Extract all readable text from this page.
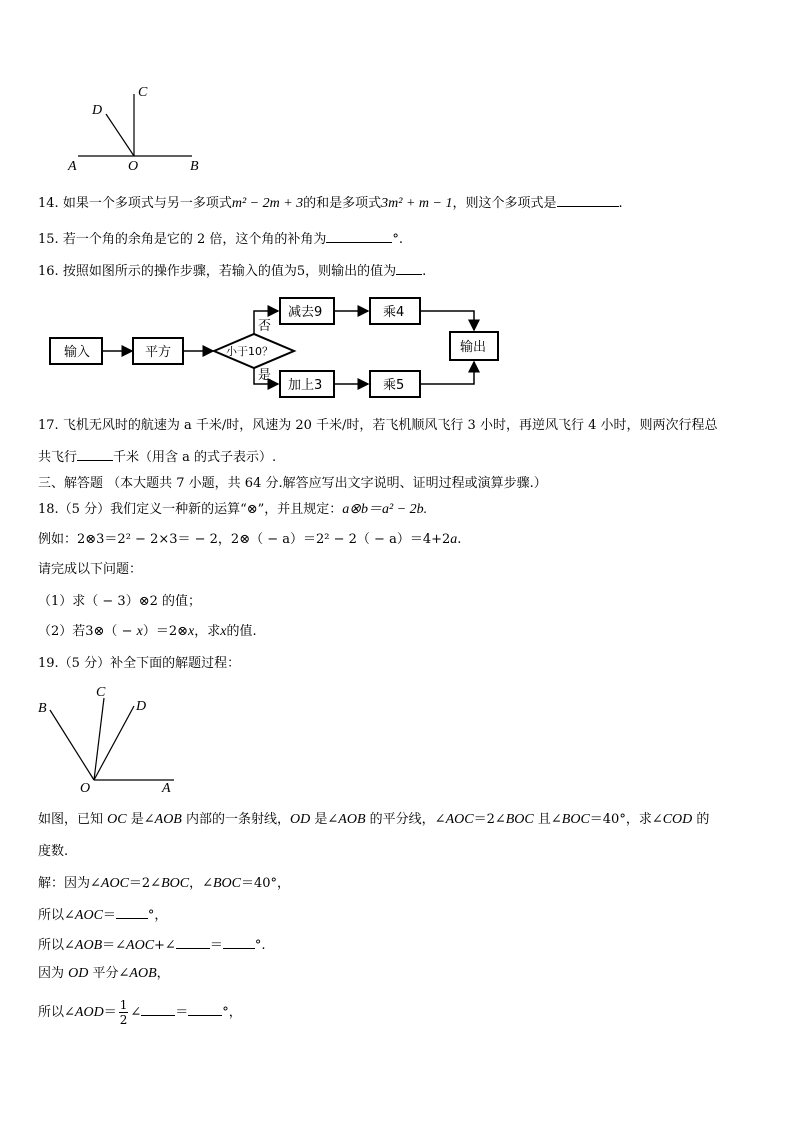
C
D
A	O	B
14. 如果一个多项式与另一多项式m² − 2m + 3的和是多项式3m² + m − 1，则这个多项式是	.
15. 若一个角的余角是它的 2 倍，这个角的补角为	°.
16. 按照如图所示的操作步骤，若输入的值为5，则输出的值为 .
输入	平方	小于10？
否
是
减去9	乘4
加上3	乘5
输出
17. 飞机无风时的航速为 a 千米/时，风速为 20 千米/时，若飞机顺风飞行 3 小时，再逆风飞行 4 小时，则两次行程总
共飞行	千米（用含 a 的式子表示）.
三、解答题 （本大题共 7 小题，共 64 分.解答应写出文字说明、证明过程或演算步骤.）
18.（5 分）我们定义一种新的运算“⊗”，并且规定：a⊗b＝a² − 2b.
例如：2⊗3＝2² − 2×3＝ − 2，2⊗（ − a）＝2² − 2（ − a）＝4+2a.
请完成以下问题：
（1）求（ − 3）⊗2 的值；
（2）若3⊗（ − x）＝2⊗x，求x的值.
19.（5 分）补全下面的解题过程：
B
C
D
O	A
如图，已知 OC 是∠AOB 内部的一条射线，OD 是∠AOB 的平分线，∠AOC＝2∠BOC 且∠BOC＝40°，求∠COD 的
度数.
解：因为∠AOC＝2∠BOC，∠BOC＝40°，
所以∠AOC＝ °，
所以∠AOB＝∠AOC+∠	＝ °.
因为 OD 平分∠AOB，
所以∠AOD＝ $\frac{1}{2}$ ∠	＝	°，
